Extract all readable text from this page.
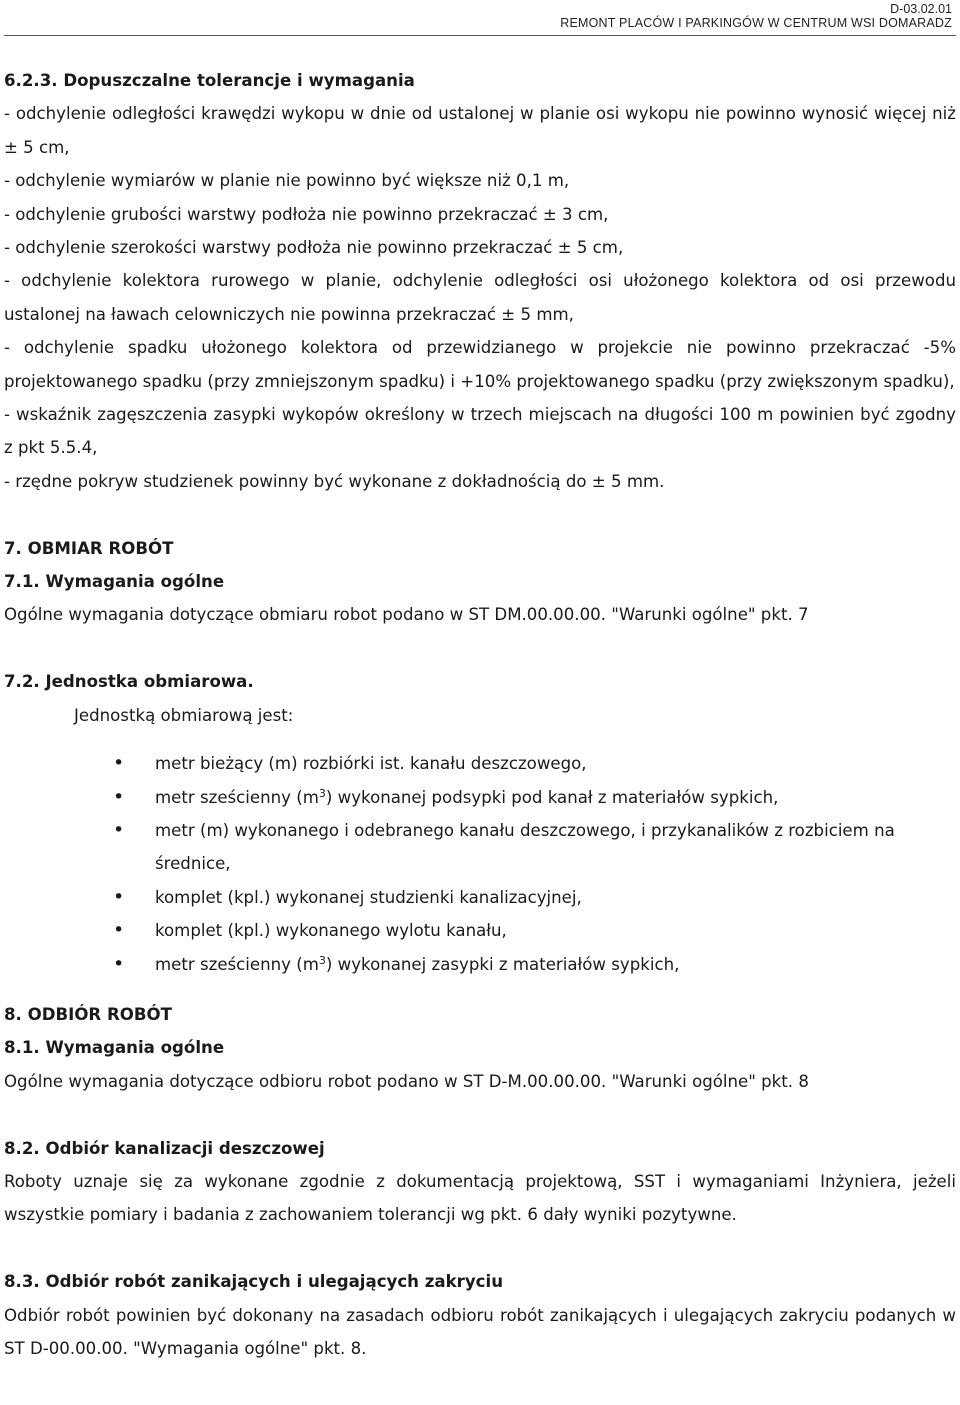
D-03.02.01
REMONT PLACÓW I PARKINGÓW W CENTRUM WSI DOMARADZ
6.2.3. Dopuszczalne tolerancje i wymagania

- odchylenie odległości krawędzi wykopu w dnie od ustalonej w planie osi wykopu nie powinno wynosić więcej niż ± 5 cm,

- odchylenie wymiarów w planie nie powinno być większe niż 0,1 m,

- odchylenie grubości warstwy podłoża nie powinno przekraczać ± 3 cm,

- odchylenie szerokości warstwy podłoża nie powinno przekraczać ± 5 cm,

- odchylenie kolektora rurowego w planie, odchylenie odległości osi ułożonego kolektora od osi przewodu ustalonej na ławach celowniczych nie powinna przekraczać ± 5 mm,

- odchylenie spadku ułożonego kolektora od przewidzianego w projekcie nie powinno przekraczać -5% projektowanego spadku (przy zmniejszonym spadku) i +10% projektowanego spadku (przy zwiększonym spadku),

- wskaźnik zagęszczenia zasypki wykopów określony w trzech miejscach na długości 100 m powinien być zgodny z pkt 5.5.4,

- rzędne pokryw studzienek powinny być wykonane z dokładnością do ± 5 mm.

7. OBMIAR ROBÓT
7.1. Wymagania ogólne

Ogólne wymagania dotyczące obmiaru robot podano w ST DM.00.00.00. "Warunki ogólne" pkt. 7

7.2. Jednostka obmiarowa.

Jednostką obmiarową jest:

• metr bieżący (m) rozbiórki ist. kanału deszczowego,
• metr sześcienny $(m^3)$ wykonanej podsypki pod kanał z materiałów sypkich,
• metr (m) wykonanego i odebranego kanału deszczowego, i przykanalików z rozbiciem na średnice,
• komplet (kpl.) wykonanej studzienki kanalizacyjnej,
• komplet (kpl.) wykonanego wylotu kanału,
• metr sześcienny $(m^3)$ wykonanej zasypki z materiałów sypkich,
8. ODBIÓR ROBÓT
8.1. Wymagania ogólne

Ogólne wymagania dotyczące odbioru robot podano w ST D-M.00.00.00. "Warunki ogólne" pkt. 8

8.2. Odbiór kanalizacji deszczowej

Roboty uznaje się za wykonane zgodnie z dokumentacją projektową, SST i wymaganiami Inżyniera, jeżeli wszystkie pomiary i badania z zachowaniem tolerancji wg pkt. 6 dały wyniki pozytywne.

8.3. Odbiór robót zanikających i ulegających zakryciu

Odbiór robót powinien być dokonany na zasadach odbioru robót zanikających i ulegających zakryciu podanych w ST D-00.00.00. "Wymagania ogólne" pkt. 8.
